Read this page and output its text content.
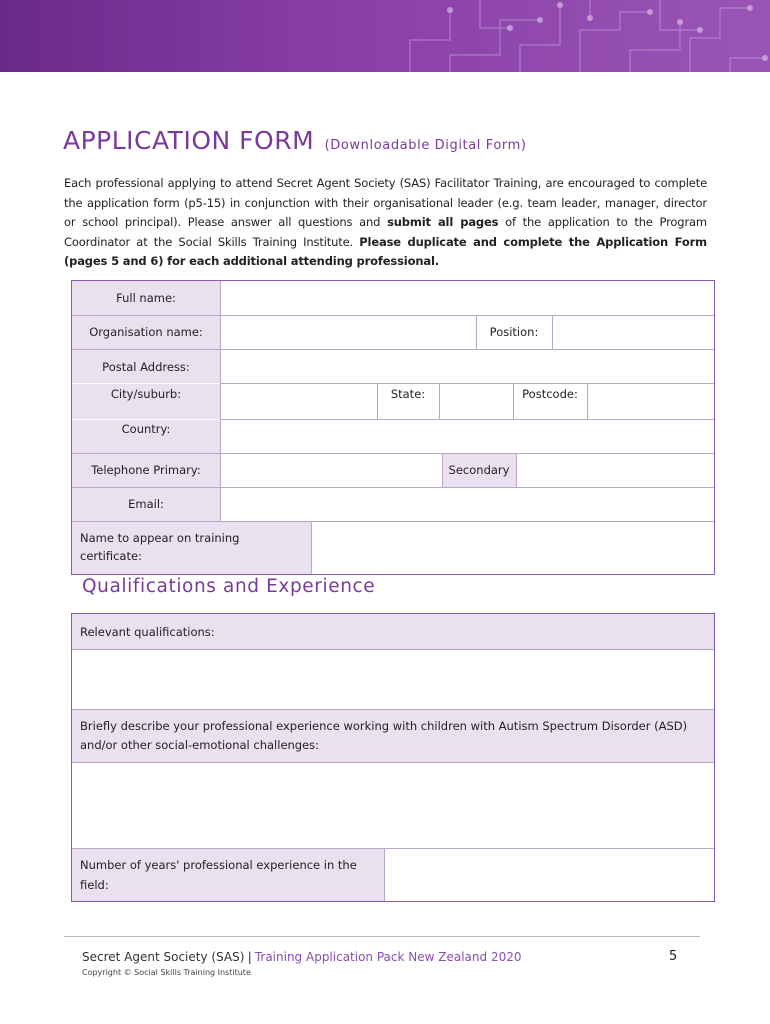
APPLICATION FORM (Downloadable Digital Form)
Each professional applying to attend Secret Agent Society (SAS) Facilitator Training, are encouraged to complete the application form (p5-15) in conjunction with their organisational leader (e.g. team leader, manager, director or school principal). Please answer all questions and submit all pages of the application to the Program Coordinator at the Social Skills Training Institute. Please duplicate and complete the Application Form (pages 5 and 6) for each additional attending professional.
Full name:
Organisation name:	Position:
Postal Address:
City/suburb:	State:	Postcode:
Country:
Telephone Primary:	Secondary
Email:
Name to appear on training certificate:
Qualifications and Experience
Relevant qualifications:
Briefly describe your professional experience working with children with Autism Spectrum Disorder (ASD) and/or other social-emotional challenges:
Number of years' professional experience in the field:
Secret Agent Society (SAS) | Training Application Pack New Zealand 2020
Copyright © Social Skills Training Institute
5
